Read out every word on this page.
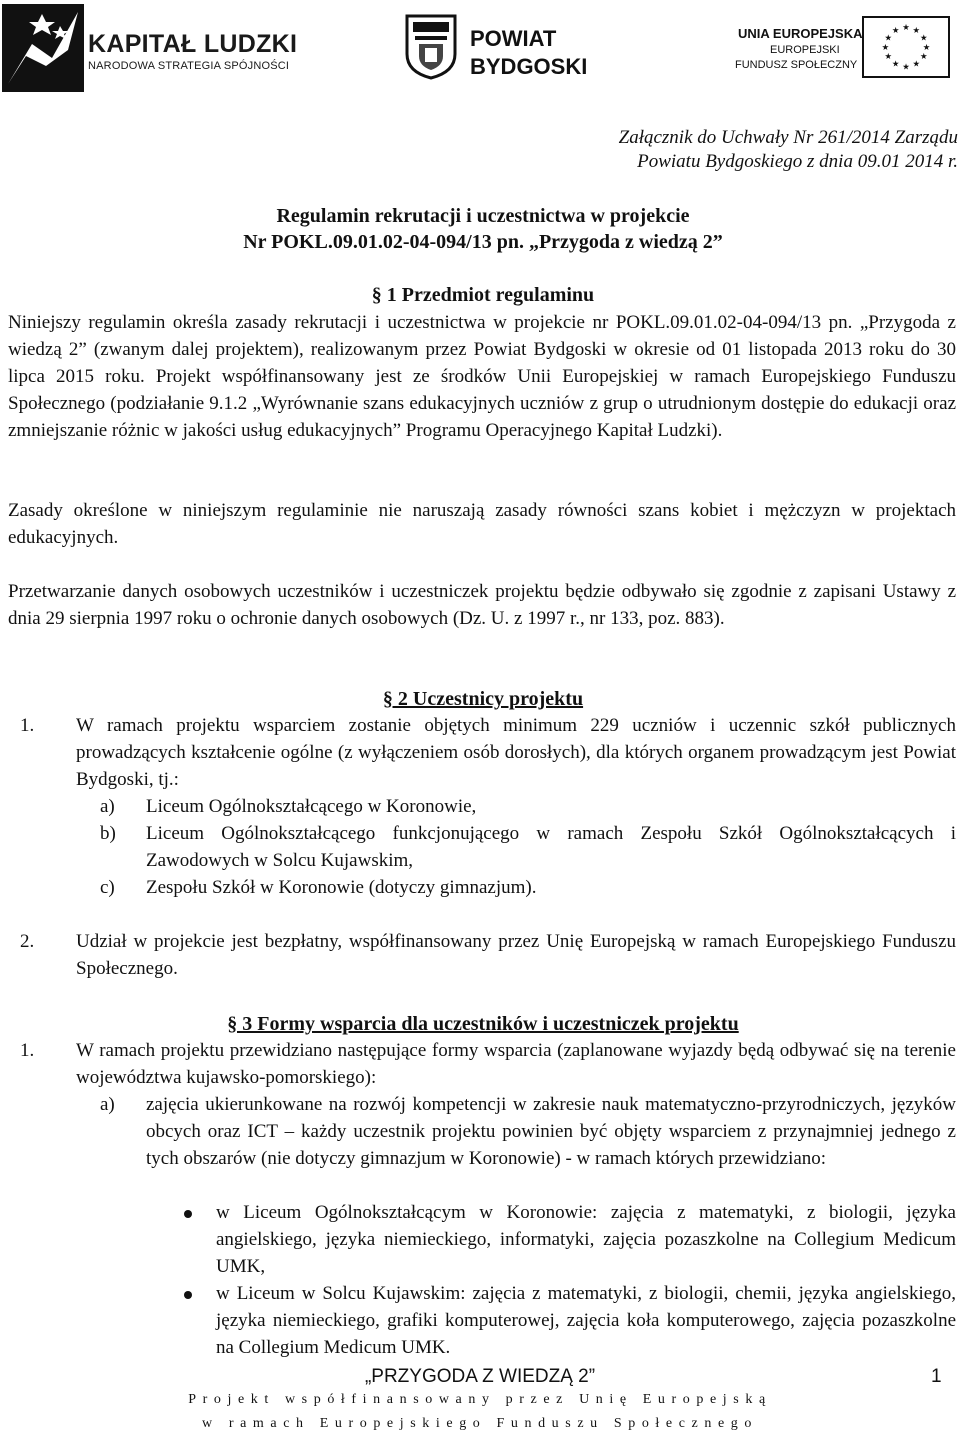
KAPITAŁ LUDZKI
NARODOWA STRATEGIA SPÓJNOŚCI
POWIAT
BYDGOSKI
UNIA EUROPEJSKA
EUROPEJSKI
FUNDUSZ SPOŁECZNY
★ ★
★
★
★
★
★
★
★
★
★
★
Załącznik do Uchwały Nr 261/2014 Zarządu
Powiatu Bydgoskiego z dnia 09.01 2014 r.
Regulamin rekrutacji i uczestnictwa w projekcie
Nr POKL.09.01.02-04-094/13 pn. „Przygoda z wiedzą 2”
§ 1 Przedmiot regulaminu
Niniejszy regulamin określa zasady rekrutacji i uczestnictwa w projekcie nr POKL.09.01.02-04-094/13 pn. „Przygoda z wiedzą 2” (zwanym dalej projektem), realizowanym przez Powiat Bydgoski w okresie od 01 listopada 2013 roku do 30 lipca 2015 roku. Projekt współfinansowany jest ze środków Unii Europejskiej w ramach Europejskiego Funduszu Społecznego (podziałanie 9.1.2 „Wyrównanie szans edukacyjnych uczniów z grup o utrudnionym dostępie do edukacji oraz zmniejszanie różnic w jakości usług edukacyjnych” Programu Operacyjnego Kapitał Ludzki).
Zasady określone w niniejszym regulaminie nie naruszają zasady równości szans kobiet i mężczyzn w projektach edukacyjnych.
Przetwarzanie danych osobowych uczestników i uczestniczek projektu będzie odbywało się zgodnie z zapisani Ustawy z dnia 29 sierpnia 1997 roku o ochronie danych osobowych (Dz. U. z 1997 r., nr 133, poz. 883).
§ 2 Uczestnicy projektu
1. W ramach projektu wsparciem zostanie objętych minimum 229 uczniów i uczennic szkół publicznych prowadzących kształcenie ogólne (z wyłączeniem osób dorosłych), dla których organem prowadzącym jest Powiat Bydgoski, tj.:
a) Liceum Ogólnokształcącego w Koronowie,
b) Liceum Ogólnokształcącego funkcjonującego w ramach Zespołu Szkół Ogólnokształcących i Zawodowych w Solcu Kujawskim,
c) Zespołu Szkół w Koronowie (dotyczy gimnazjum).
2. Udział w projekcie jest bezpłatny, współfinansowany przez Unię Europejską w ramach Europejskiego Funduszu Społecznego.
§ 3 Formy wsparcia dla uczestników i uczestniczek projektu
1. W ramach projektu przewidziano następujące formy wsparcia (zaplanowane wyjazdy będą odbywać się na terenie województwa kujawsko-pomorskiego):
a) zajęcia ukierunkowane na rozwój kompetencji w zakresie nauk matematyczno-przyrodniczych, języków obcych oraz ICT – każdy uczestnik projektu powinien być objęty wsparciem z przynajmniej jednego z tych obszarów (nie dotyczy gimnazjum w Koronowie) - w ramach których przewidziano:
w Liceum Ogólnokształcącym w Koronowie: zajęcia z matematyki, z biologii, języka angielskiego, języka niemieckiego, informatyki, zajęcia pozaszkolne na Collegium Medicum UMK,
w Liceum w Solcu Kujawskim: zajęcia z matematyki, z biologii, chemii, języka angielskiego, języka niemieckiego, grafiki komputerowej, zajęcia koła komputerowego, zajęcia pozaszkolne na Collegium Medicum UMK.
„PRZYGODA Z WIEDZĄ 2”	1
Projekt współfinansowany przez Unię Europejską
w ramach Europejskiego Funduszu Społecznego
